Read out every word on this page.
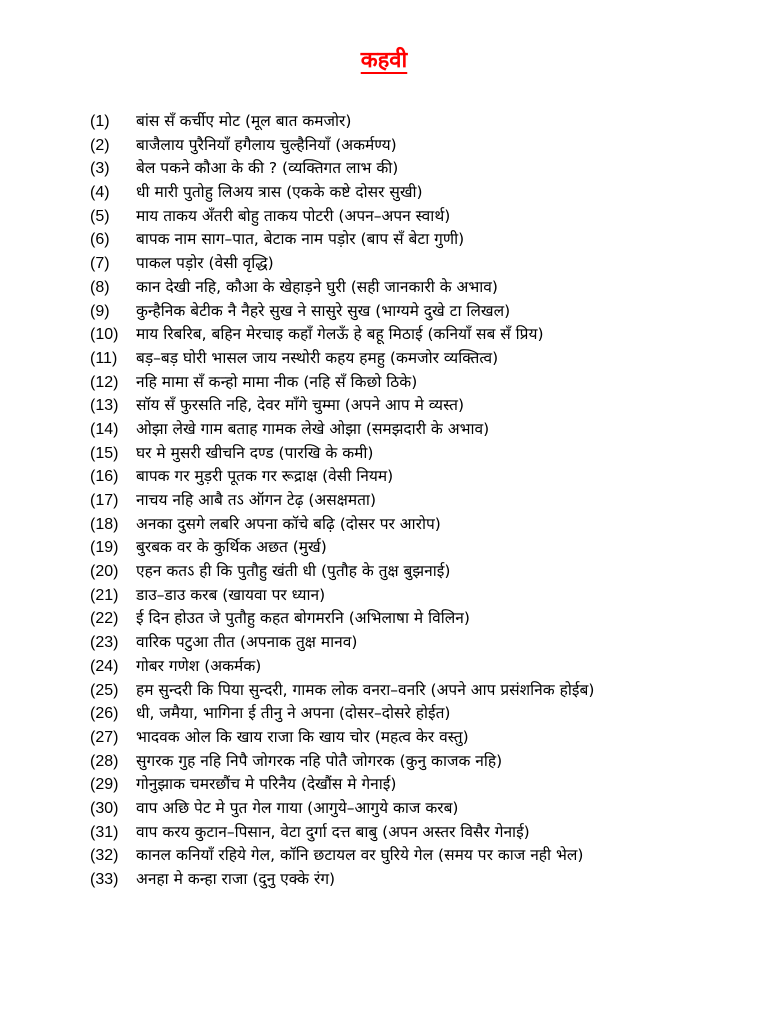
कहवी
(1) बांस सँ कर्चीए मोट (मूल बात कमजोर)
(2) बाजैलाय पुरैनियाँ हगैलाय चुल्हैनियाँ (अकर्मण्य)
(3) बेल पकने कौआ के की ? (व्यक्तिगत लाभ की)
(4) धी मारी पुतोहु लिअय त्रास (एकके कष्टे दोसर सुखी)
(5) माय ताकय अँतरी बोहु ताकय पोटरी (अपन–अपन स्वार्थ)
(6) बापक नाम साग–पात, बेटाक नाम पड़ोर (बाप सँ बेटा गुणी)
(7) पाकल पड़ोर (वेसी वृद्धि)
(8) कान देखी नहि, कौआ के खेहाड़ने घुरी (सही जानकारी के अभाव)
(9) कुन्हैनिक बेटीक नै नैहरे सुख ने सासुरे सुख (भाग्यमे दुखे टा लिखल)
(10) माय रिबरिब, बहिन मेरचाइ कहाँ गेलऊँ हे बहू मिठाई (कनियाँ सब सँ प्रिय)
(11) बड़–बड़ घोरी भासल जाय नस्थोरी कहय हमहु (कमजोर व्यक्तित्व)
(12) नहि मामा सँ कन्हो मामा नीक (नहि सँ किछो ठिके)
(13) सॉय सँ फुरसति नहि, देवर मॉंगे चुम्मा (अपने आप मे व्यस्त)
(14) ओझा लेखे गाम बताह गामक लेखे ओझा (समझदारी के अभाव)
(15) घर मे मुसरी खीचनि दण्ड (पारखि के कमी)
(16) बापक गर मुड़री पूतक गर रूद्राक्ष (वेसी नियम)
(17) नाचय नहि आबै तऽ ऑगन टेढ़ (असक्षमता)
(18) अनका दुसगे लबरि अपना कॉचे बढ़ि (दोसर पर आरोप)
(19) बुरबक वर के कुर्थिक अछत (मुर्ख)
(20) एहन कतऽ ही कि पुतौहु खंती धी (पुतौह के तुक्ष बुझनाई)
(21) डाउ–डाउ करब (खायवा पर ध्यान)
(22) ई दिन होउत जे पुतौहु कहत बोगमरनि (अभिलाषा मे विलिन)
(23) वारिक पटुआ तीत (अपनाक तुक्ष मानव)
(24) गोबर गणेश (अकर्मक)
(25) हम सुन्दरी कि पिया सुन्दरी, गामक लोक वनरा–वनरि (अपने आप प्रसंशनिक होईब)
(26) धी, जमैया, भागिना ई तीनु ने अपना (दोसर–दोसरे होईत)
(27) भादवक ओल कि खाय राजा कि खाय चोर (महत्व केर वस्तु)
(28) सुगरक गुह नहि निपै जोगरक नहि पोतै जोगरक (कुनु काजक नहि)
(29) गोनुझाक चमरछौंच मे परिनैय (देखौंस मे गेनाई)
(30) वाप अछि पेट मे पुत गेल गाया (आगुये–आगुये काज करब)
(31) वाप करय कुटान–पिसान, वेटा दुर्गा दत्त बाबु (अपन अस्तर विसैर गेनाई)
(32) कानल कनियाँ रहिये गेल, कॉनि छटायल वर घुरिये गेल (समय पर काज नही भेल)
(33) अनहा मे कन्हा राजा (दुनु एक्के रंग)
